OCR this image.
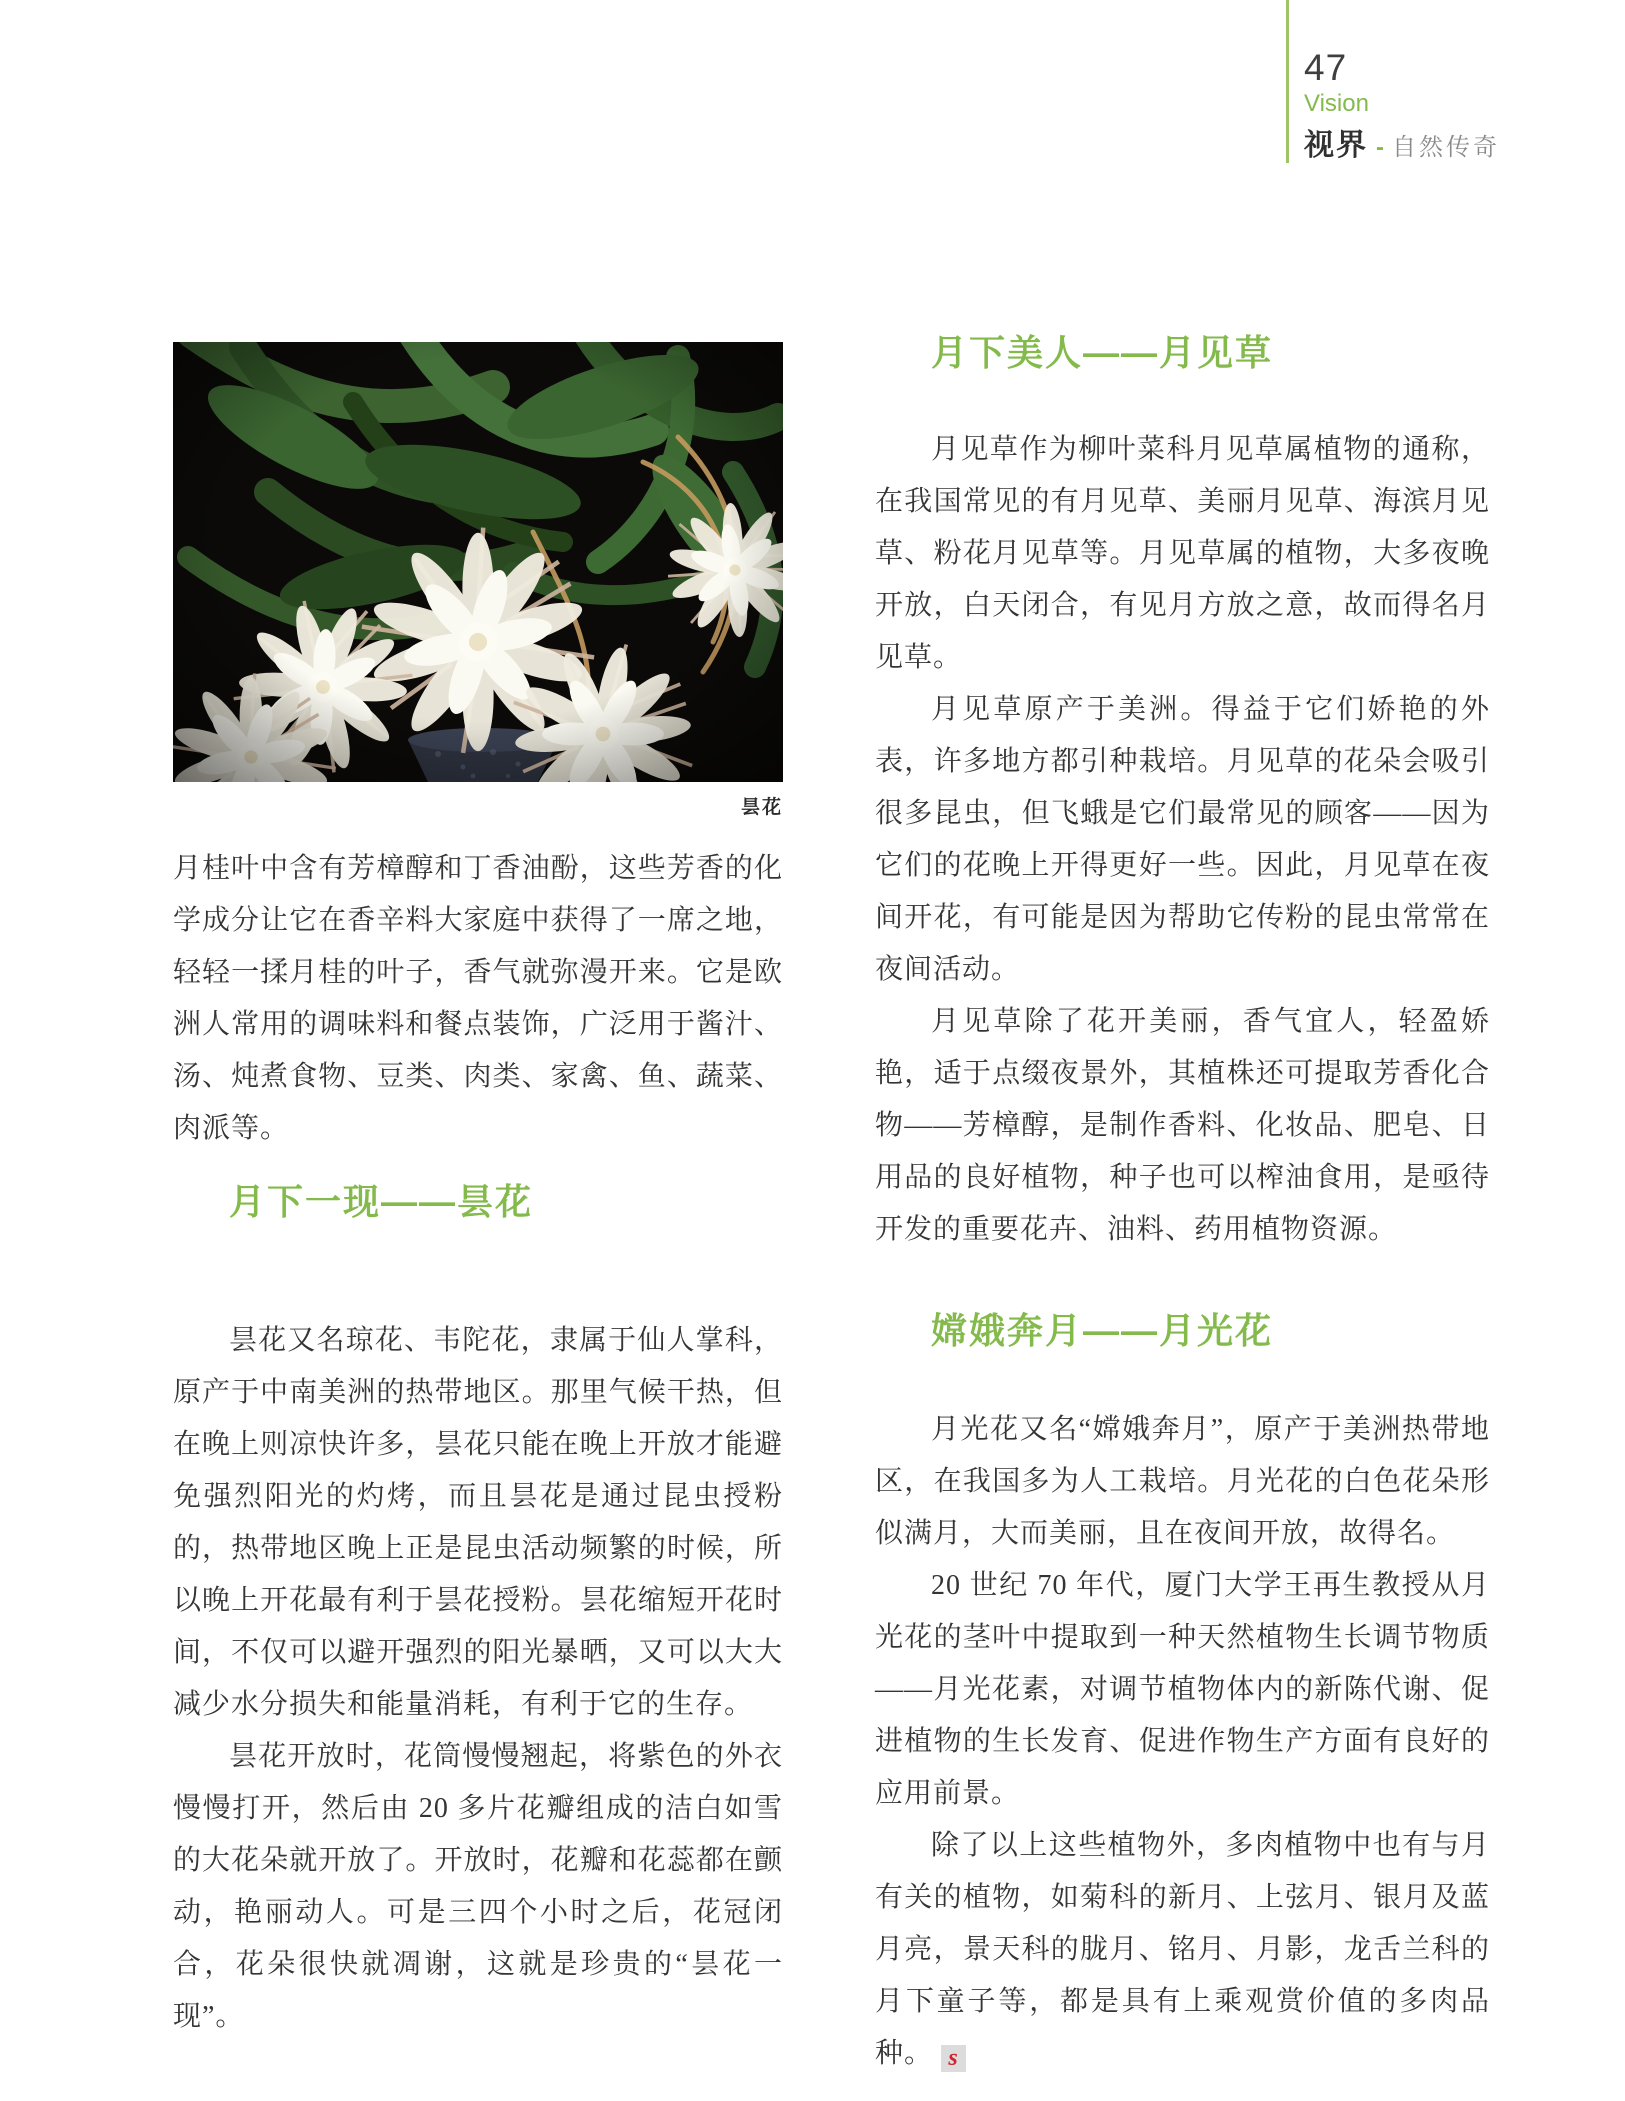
47
Vision
视界 - 自然传奇
昙花

月桂叶中含有芳樟醇和丁香油酚，这些芳香的化学成分让它在香辛料大家庭中获得了一席之地，轻轻一揉月桂的叶子，香气就弥漫开来。它是欧洲人常用的调味料和餐点装饰，广泛用于酱汁、汤、炖煮食物、豆类、肉类、家禽、鱼、蔬菜、肉派等。

月下一现——昙花

昙花又名琼花、韦陀花，隶属于仙人掌科，原产于中南美洲的热带地区。那里气候干热，但在晚上则凉快许多，昙花只能在晚上开放才能避免强烈阳光的灼烤，而且昙花是通过昆虫授粉的，热带地区晚上正是昆虫活动频繁的时候，所以晚上开花最有利于昙花授粉。昙花缩短开花时间，不仅可以避开强烈的阳光暴晒，又可以大大减少水分损失和能量消耗，有利于它的生存。

昙花开放时，花筒慢慢翘起，将紫色的外衣慢慢打开，然后由 20 多片花瓣组成的洁白如雪的大花朵就开放了。开放时，花瓣和花蕊都在颤动，艳丽动人。可是三四个小时之后，花冠闭合，花朵很快就凋谢，这就是珍贵的“昙花一现”。

月下美人——月见草

月见草作为柳叶菜科月见草属植物的通称，在我国常见的有月见草、美丽月见草、海滨月见草、粉花月见草等。月见草属的植物，大多夜晚开放，白天闭合，有见月方放之意，故而得名月见草。

月见草原产于美洲。得益于它们娇艳的外表，许多地方都引种栽培。月见草的花朵会吸引很多昆虫，但飞蛾是它们最常见的顾客——因为它们的花晚上开得更好一些。因此，月见草在夜间开花，有可能是因为帮助它传粉的昆虫常常在夜间活动。

月见草除了花开美丽，香气宜人，轻盈娇艳，适于点缀夜景外，其植株还可提取芳香化合物——芳樟醇，是制作香料、化妆品、肥皂、日用品的良好植物，种子也可以榨油食用，是亟待开发的重要花卉、油料、药用植物资源。

嫦娥奔月——月光花

月光花又名“嫦娥奔月”，原产于美洲热带地区，在我国多为人工栽培。月光花的白色花朵形似满月，大而美丽，且在夜间开放，故得名。

20 世纪 70 年代，厦门大学王再生教授从月光花的茎叶中提取到一种天然植物生长调节物质——月光花素，对调节植物体内的新陈代谢、促进植物的生长发育、促进作物生产方面有良好的应用前景。

除了以上这些植物外，多肉植物中也有与月有关的植物，如菊科的新月、上弦月、银月及蓝月亮，景天科的胧月、铭月、月影，龙舌兰科的月下童子等，都是具有上乘观赏价值的多肉品种。 s
